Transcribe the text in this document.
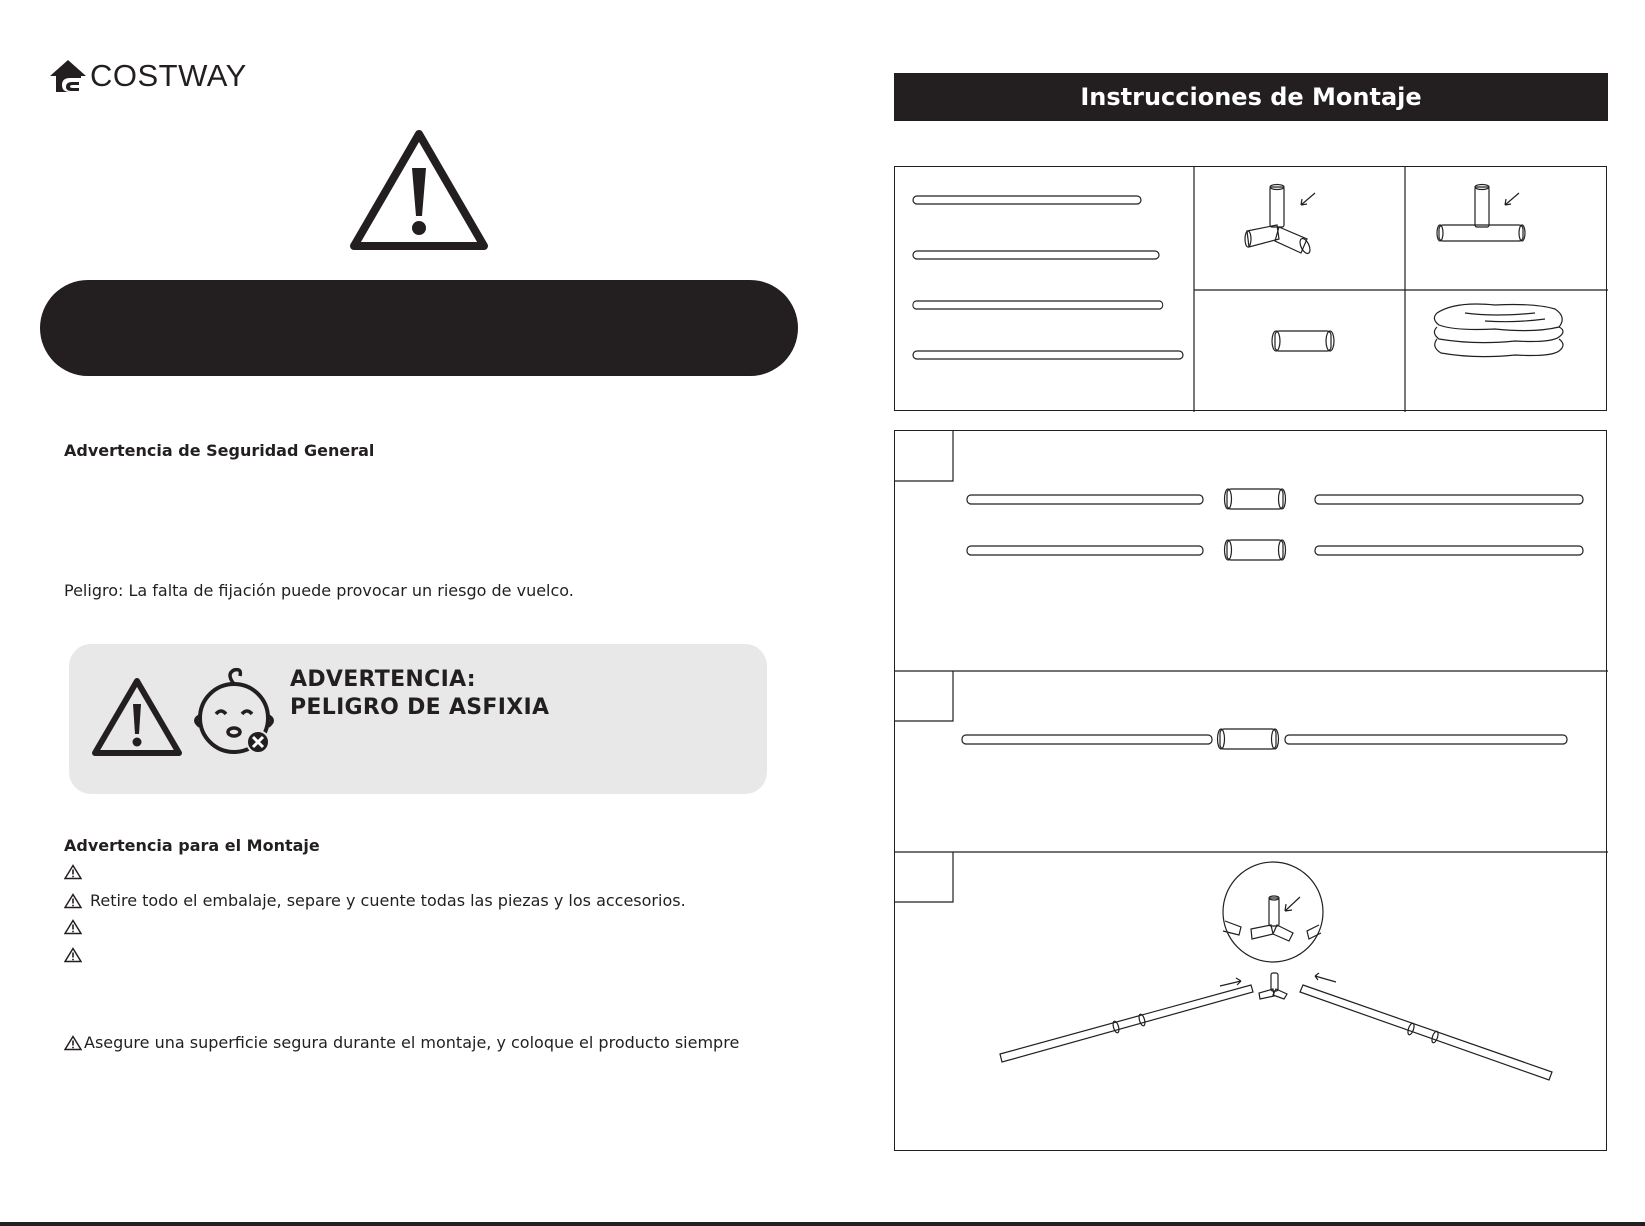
COSTWAY
Advertencia de Seguridad General
Peligro: La falta de fijación puede provocar un riesgo de vuelco.
ADVERTENCIA:
PELIGRO DE ASFIXIA
Advertencia para el Montaje
Retire todo el embalaje, separe y cuente todas las piezas y los accesorios.
Asegure una superficie segura durante el montaje, y coloque el producto siempre
Instrucciones de Montaje
